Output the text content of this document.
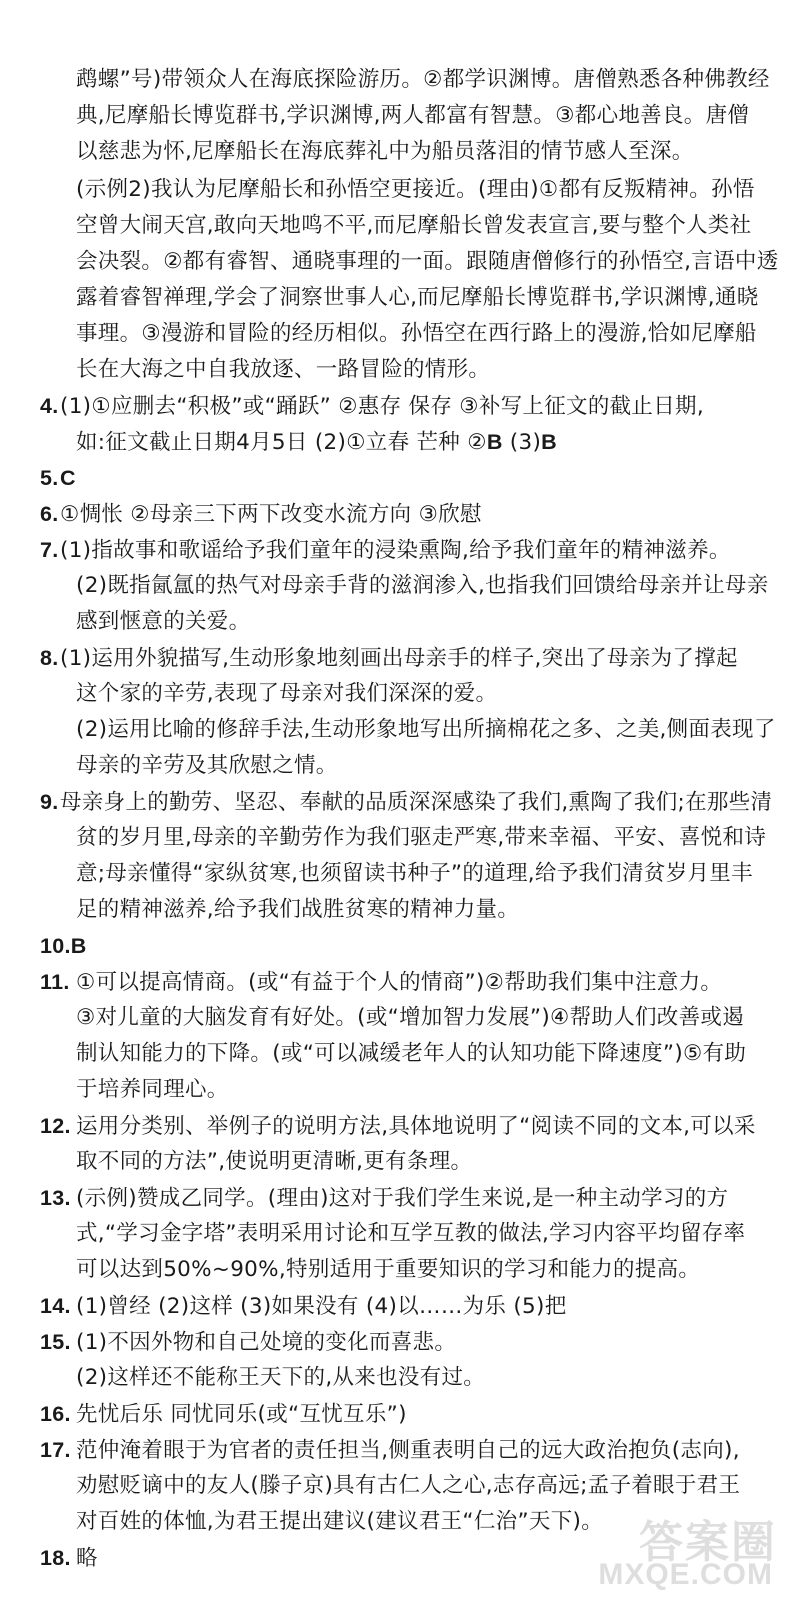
鹉螺”号)带领众人在海底探险游历。②都学识渊博。唐僧熟悉各种佛教经
典,尼摩船长博览群书,学识渊博,两人都富有智慧。③都心地善良。唐僧
以慈悲为怀,尼摩船长在海底葬礼中为船员落泪的情节感人至深。
(示例2)我认为尼摩船长和孙悟空更接近。(理由)①都有反叛精神。孙悟
空曾大闹天宫,敢向天地鸣不平,而尼摩船长曾发表宣言,要与整个人类社
会决裂。②都有睿智、通晓事理的一面。跟随唐僧修行的孙悟空,言语中透
露着睿智禅理,学会了洞察世事人心,而尼摩船长博览群书,学识渊博,通晓
事理。③漫游和冒险的经历相似。孙悟空在西行路上的漫游,恰如尼摩船
长在大海之中自我放逐、一路冒险的情形。
4.(1)①应删去“积极”或“踊跃” ②惠存 保存 ③补写上征文的截止日期,
如:征文截止日期4月5日 (2)①立春 芒种 ②B (3)B
5.C
6.①惆怅 ②母亲三下两下改变水流方向 ③欣慰
7.(1)指故事和歌谣给予我们童年的浸染熏陶,给予我们童年的精神滋养。
(2)既指氤氲的热气对母亲手背的滋润渗入,也指我们回馈给母亲并让母亲
感到惬意的关爱。
8.(1)运用外貌描写,生动形象地刻画出母亲手的样子,突出了母亲为了撑起
这个家的辛劳,表现了母亲对我们深深的爱。
(2)运用比喻的修辞手法,生动形象地写出所摘棉花之多、之美,侧面表现了
母亲的辛劳及其欣慰之情。
9.母亲身上的勤劳、坚忍、奉献的品质深深感染了我们,熏陶了我们;在那些清
贫的岁月里,母亲的辛勤劳作为我们驱走严寒,带来幸福、平安、喜悦和诗
意;母亲懂得“家纵贫寒,也须留读书种子”的道理,给予我们清贫岁月里丰
足的精神滋养,给予我们战胜贫寒的精神力量。
10.B
11. ①可以提高情商。(或“有益于个人的情商”)②帮助我们集中注意力。
③对儿童的大脑发育有好处。(或“增加智力发展”)④帮助人们改善或遏
制认知能力的下降。(或“可以减缓老年人的认知功能下降速度”)⑤有助
于培养同理心。
12. 运用分类别、举例子的说明方法,具体地说明了“阅读不同的文本,可以采
取不同的方法”,使说明更清晰,更有条理。
13. (示例)赞成乙同学。(理由)这对于我们学生来说,是一种主动学习的方
式,“学习金字塔”表明采用讨论和互学互教的做法,学习内容平均留存率
可以达到50%~90%,特别适用于重要知识的学习和能力的提高。
14. (1)曾经 (2)这样 (3)如果没有 (4)以……为乐 (5)把
15. (1)不因外物和自己处境的变化而喜悲。
(2)这样还不能称王天下的,从来也没有过。
16. 先忧后乐 同忧同乐(或“互忧互乐”)
17. 范仲淹着眼于为官者的责任担当,侧重表明自己的远大政治抱负(志向),
劝慰贬谪中的友人(滕子京)具有古仁人之心,志存高远;孟子着眼于君王
对百姓的体恤,为君王提出建议(建议君王“仁治”天下)。
18. 略	答案圈
MXQE.COM
